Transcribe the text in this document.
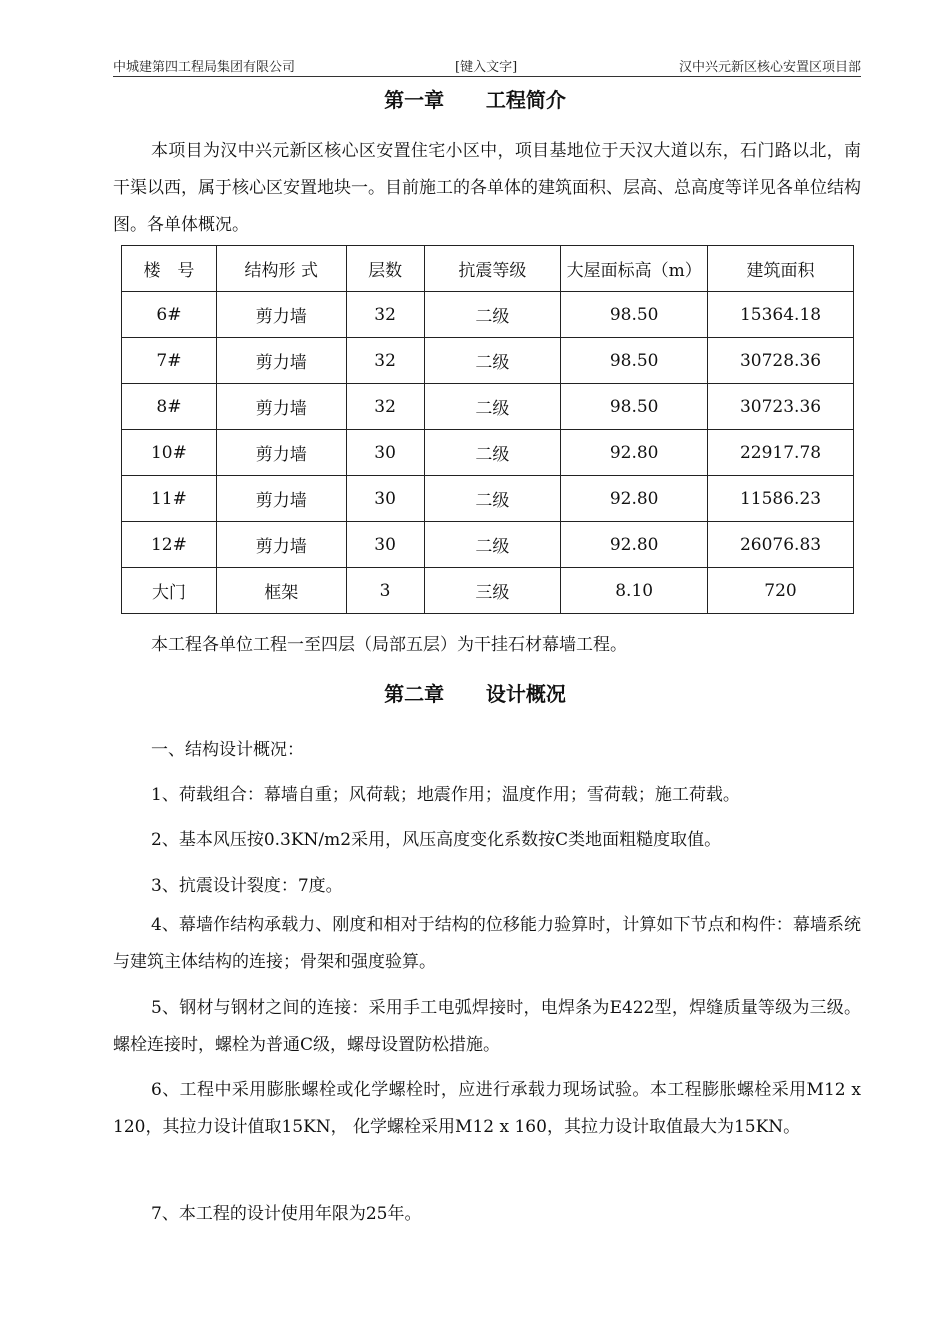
中城建第四工程局集团有限公司	[键入文字]	汉中兴元新区核心安置区项目部
第一章      工程简介

本项目为汉中兴元新区核心区安置住宅小区中，项目基地位于天汉大道以东，石门路以北，南干渠以西，属于核心区安置地块一。目前施工的各单体的建筑面积、层高、总高度等详见各单位结构图。各单体概况。

楼　号	结构形 式	层数	抗震等级	大屋面标高（m）	建筑面积
6#	剪力墙	32	二级	98.50	15364.18
7#	剪力墙	32	二级	98.50	30728.36
8#	剪力墙	32	二级	98.50	30723.36
10#	剪力墙	30	二级	92.80	22917.78
11#	剪力墙	30	二级	92.80	11586.23
12#	剪力墙	30	二级	92.80	26076.83
大门	框架	3	三级	8.10	720

本工程各单位工程一至四层（局部五层）为干挂石材幕墙工程。

第二章      设计概况

一、结构设计概况：

1、荷载组合：幕墙自重；风荷载；地震作用；温度作用；雪荷载；施工荷载。

2、基本风压按0.3KN/m2采用，风压高度变化系数按C类地面粗糙度取值。

3、抗震设计裂度：7度。

4、幕墙作结构承载力、刚度和相对于结构的位移能力验算时，计算如下节点和构件：幕墙系统与建筑主体结构的连接；骨架和强度验算。

5、钢材与钢材之间的连接：采用手工电弧焊接时，电焊条为E422型，焊缝质量等级为三级。螺栓连接时，螺栓为普通C级，螺母设置防松措施。

6、工程中采用膨胀螺栓或化学螺栓时，应进行承载力现场试验。本工程膨胀螺栓采用M12 x 120，其拉力设计值取15KN， 化学螺栓采用M12 x 160，其拉力设计取值最大为15KN。

7、本工程的设计使用年限为25年。
